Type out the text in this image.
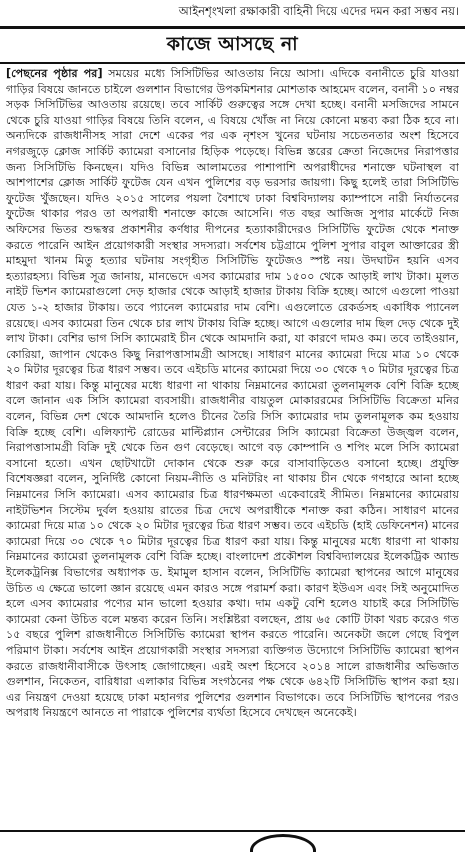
আইনশৃংখলা রক্ষাকারী বাহিনী দিয়ে এদের দমন করা সম্ভব নয়।
কাজে আসছে না
[পেছনের পৃষ্ঠার পর] সময়ের মধ্যে সিসিটিভির আওতায় নিয়ে আসা। এদিকে বনানীতে চুরি যাওয়া গাড়ির বিষয়ে জানতে চাইলে গুলশান বিভাগের উপকমিশনার মোশতাক আহমেদ বলেন, বনানী ১০ নম্বর সড়ক সিসিটিভির আওতায় রয়েছে। তবে সার্কিট গুরুত্বের সঙ্গে দেখা হচ্ছে। বনানী মসজিদের সামনে থেকে চুরি যাওয়া গাড়ির বিষয়ে তিনি বলেন, এ বিষয়ে খোঁজ না নিয়ে কোনো মন্তব্য করা ঠিক হবে না। অন্যদিকে রাজধানীসহ সারা দেশে একের পর এক নৃশংস খুনের ঘটনায় সচেতনতার অংশ হিসেবে নগরজুড়ে ক্লোজ সার্কিট ক্যামেরা বসানোর হিড়িক পড়েছে। বিভিন্ন স্তরের ক্রেতা নিজেদের নিরাপত্তার জন্য সিসিটিভি কিনছেন। যদিও বিভিন্ন আলামতের পাশাপাশি অপরাধীদের শনাক্তে ঘটনাস্থল বা আশপাশের ক্লোজ সার্কিট ফুটেজ যেন এখন পুলিশের বড় ভরসার জায়গা। কিছু হলেই তারা সিসিটিভি ফুটেজ খুঁজছেন। যদিও ২০১৫ সালের পয়লা বৈশাখে ঢাকা বিশ্ববিদ্যালয় ক্যাম্পাসে নারী নির্যাতনের ফুটেজ থাকার পরও তা অপরাধী শনাক্তে কাজে আসেনি। গত বছর আজিজ সুপার মার্কেটে নিজ অফিসের ভিতর শুদ্ধস্বর প্রকাশনীর কর্ণধার দীপনের হত্যাকারীদেরও সিসিটিভি ফুটেজ থেকে শনাক্ত করতে পারেনি আইন প্রয়োগকারী সংস্থার সদস্যরা। সর্বশেষ চট্টগ্রামে পুলিশ সুপার বাবুল আক্তারের স্ত্রী মাহমুদা খানম মিতু হত্যার ঘটনায় সংগৃহীত সিসিটিভি ফুটেজও স্পষ্ট নয়। উদঘাটন হয়নি এসব হত্যারহস্য। বিভিন্ন সূত্র জানায়, মানভেদে এসব ক্যামেরার দাম ১৫০০ থেকে আড়াই লাখ টাকা। মূলত নাইট ভিশন ক্যামেরাগুলো দেড় হাজার থেকে আড়াই হাজার টাকায় বিক্রি হচ্ছে। আগে এগুলো পাওয়া যেত ১-২ হাজার টাকায়। তবে প্যানেল ক্যামেরার দাম বেশি। এগুলোতে রেকর্ডসহ একাধিক প্যানেল রয়েছে। এসব ক্যামেরা তিন থেকে চার লাখ টাকায় বিক্রি হচ্ছে। আগে এগুলোর দাম ছিল দেড় থেকে দুই লাখ টাকা। বেশির ভাগ সিসি ক্যামেরাই চীন থেকে আমদানি করা, যা কারণে দামও কম। তবে তাইওয়ান, কোরিয়া, জাপান থেকেও কিছু নিরাপত্তাসামগ্রী আসছে। সাধারণ মানের ক্যামেরা দিয়ে মাত্র ১০ থেকে ২০ মিটার দূরত্বের চিত্র ধারণ সম্ভব। তবে এইচডি মানের ক্যামেরা দিয়ে ৩০ থেকে ৭০ মিটার দূরত্বের চিত্র ধারণ করা যায়। কিন্তু মানুষের মধ্যে ধারণা না থাকায় নিম্নমানের ক্যামেরা তুলনামূলক বেশি বিক্রি হচ্ছে বলে জানান এক সিসি ক্যামেরা ব্যবসায়ী। রাজধানীর বায়তুল মোকাররমের সিসিটিভি বিক্রেতা মনির বলেন, বিভিন্ন দেশ থেকে আমদানি হলেও চীনের তৈরি সিসি ক্যামেরার দাম তুলনামূলক কম হওয়ায় বিক্রি হচ্ছে বেশি। এলিফ্যান্ট রোডের মাল্টিপ্ল্যান সেন্টারের সিসি ক্যামেরা বিক্রেতা উজ্জ্বল বলেন, নিরাপত্তাসামগ্রী বিক্রি দুই থেকে তিন গুণ বেড়েছে। আগে বড় কোম্পানি ও শপিং মলে সিসি ক্যামেরা বসানো হতো। এখন ছোটখাটো দোকান থেকে শুরু করে বাসাবাড়িতেও বসানো হচ্ছে। প্রযুক্তি বিশেষজ্ঞরা বলেন, সুনির্দিষ্ট কোনো নিয়ম-নীতি ও মনিটরিং না থাকায় চীন থেকে গণহারে আনা হচ্ছে নিম্নমানের সিসি ক্যামেরা। এসব ক্যামেরার চিত্র ধারণক্ষমতা একেবারেই সীমিত। নিম্নমানের ক্যামেরায় নাইটভিশন সিস্টেম দুর্বল হওয়ায় রাতের চিত্র দেখে অপরাধীকে শনাক্ত করা কঠিন। সাধারণ মানের ক্যামেরা দিয়ে মাত্র ১০ থেকে ২০ মিটার দূরত্বের চিত্র ধারণ সম্ভব। তবে এইচডি (হাই ডেফিনেশন) মানের ক্যামেরা দিয়ে ৩০ থেকে ৭০ মিটার দূরত্বের চিত্র ধারণ করা যায়। কিন্তু মানুষের মধ্যে ধারণা না থাকায় নিম্নমানের ক্যামেরা তুলনামূলক বেশি বিক্রি হচ্ছে। বাংলাদেশ প্রকৌশল বিশ্ববিদ্যালয়ের ইলেকট্রিক অ্যান্ড ইলেকট্রনিক্স বিভাগের অধ্যাপক ড. ইমামুল হাসান বলেন, সিসিটিভি ক্যামেরা স্থাপনের আগে মানুষের উচিত এ ক্ষেত্রে ভালো জ্ঞান রয়েছে এমন কারও সঙ্গে পরামর্শ করা। কারণ ইউএস এবং সিই অনুমোদিত হলে এসব ক্যামেরার পণ্যের মান ভালো হওয়ার কথা। দাম একটু বেশি হলেও যাচাই করে সিসিটিভি ক্যামেরা কেনা উচিত বলে মন্তব্য করেন তিনি। সংশ্লিষ্টরা বলছেন, প্রায় ৬৫ কোটি টাকা খরচ করেও গত ১৫ বছরে পুলিশ রাজধানীতে সিসিটিভি ক্যামেরা স্থাপন করতে পারেনি। অনেকটা জলে গেছে বিপুল পরিমাণ টাকা। সর্বশেষ আইন প্রয়োগকারী সংস্থার সদস্যরা ব্যক্তিগত উদ্যোগে সিসিটিভি ক্যামেরা স্থাপন করতে রাজধানীবাসীকে উৎসাহ জোগাচ্ছেন। এরই অংশ হিসেবে ২০১৪ সালে রাজধানীর অভিজাত গুলশান, নিকেতন, বারিধারা এলাকার বিভিন্ন সংগঠনের পক্ষ থেকে ৬৪২টি সিসিটিভি স্থাপন করা হয়। এর নিয়ন্ত্রণ দেওয়া হয়েছে ঢাকা মহানগর পুলিশের গুলশান বিভাগকে। তবে সিসিটিভি স্থাপনের পরও অপরাধ নিয়ন্ত্রণে আনতে না পারাকে পুলিশের ব্যর্থতা হিসেবে দেখছেন অনেকেই।
